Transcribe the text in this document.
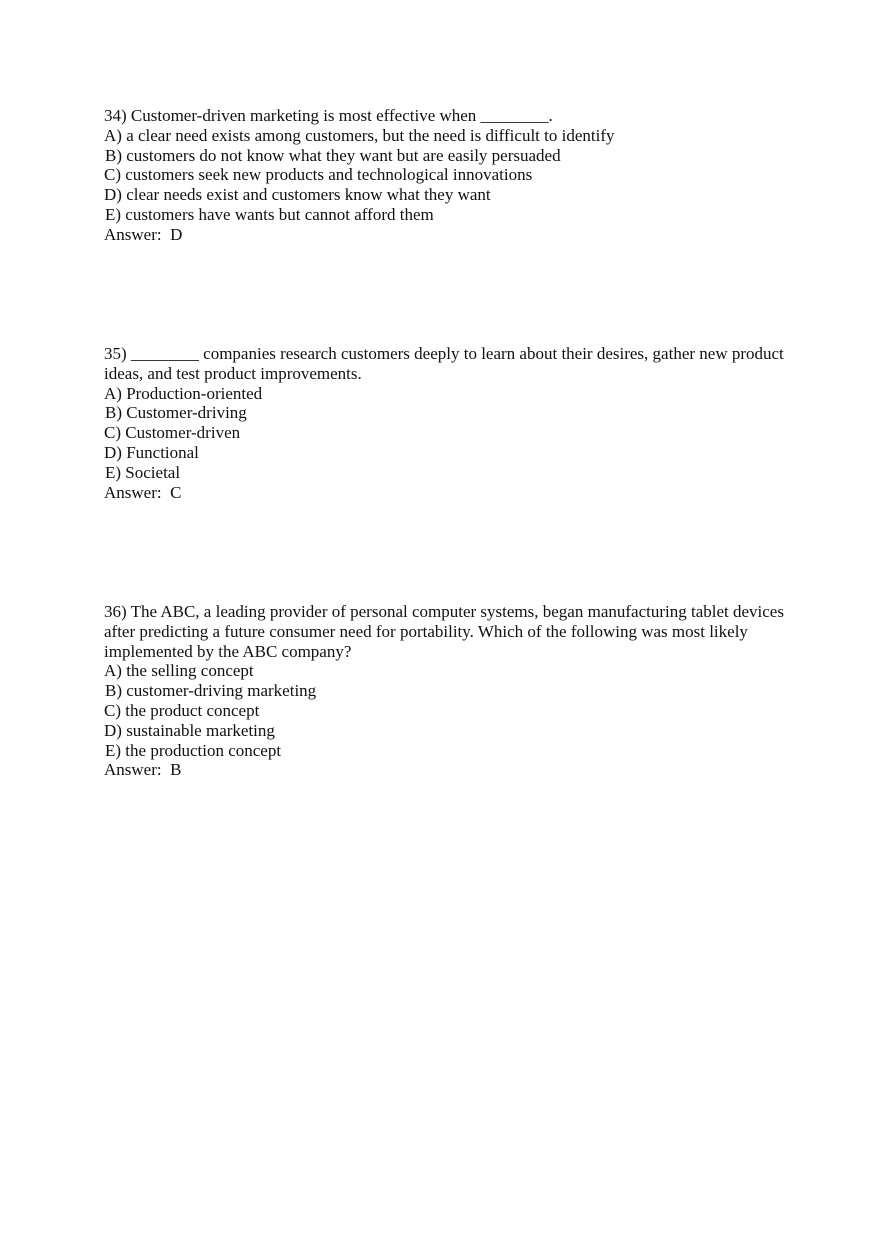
34) Customer-driven marketing is most effective when ________.
A) a clear need exists among customers, but the need is difficult to identify
B) customers do not know what they want but are easily persuaded
C) customers seek new products and technological innovations
D) clear needs exist and customers know what they want
E) customers have wants but cannot afford them
Answer:  D
35) ________ companies research customers deeply to learn about their desires, gather new product ideas, and test product improvements.
A) Production-oriented
B) Customer-driving
C) Customer-driven
D) Functional
E) Societal
Answer:  C
36) The ABC, a leading provider of personal computer systems, began manufacturing tablet devices after predicting a future consumer need for portability. Which of the following was most likely implemented by the ABC company?
A) the selling concept
B) customer-driving marketing
C) the product concept
D) sustainable marketing
E) the production concept
Answer:  B
